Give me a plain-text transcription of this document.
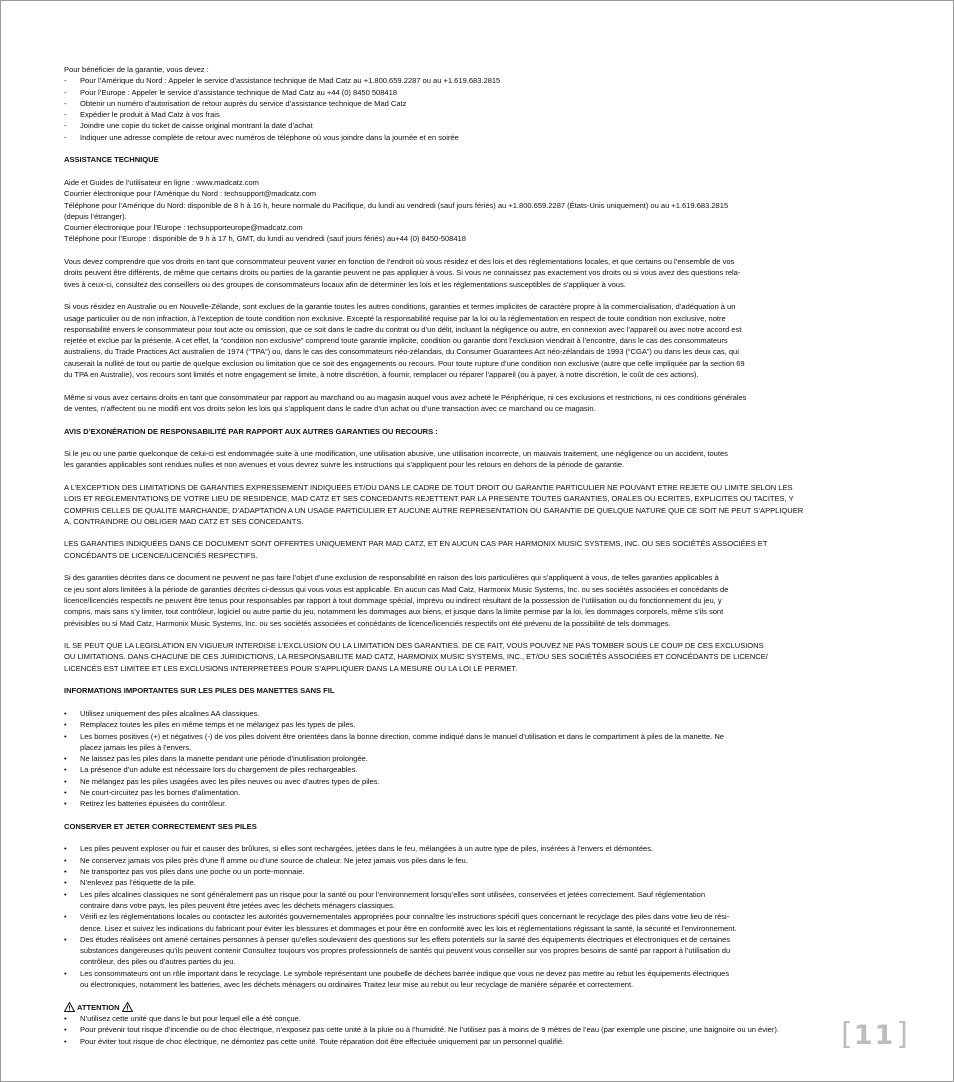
Pour bénéficier de la garantie, vous devez :

- Pour l’Amérique du Nord : Appeler le service d’assistance technique de Mad Catz au +1.800.659.2287 ou au +1.619.683.2815
- Pour l’Europe : Appeler le service d’assistance technique de Mad Catz au +44 (0) 8450 508418
- Obtenir un numéro d’autorisation de retour auprès du service d’assistance technique de Mad Catz
- Expédier le produit à Mad Catz à vos frais
- Joindre une copie du ticket de caisse original montrant la date d’achat
- Indiquer une adresse complète de retour avec numéros de téléphone où vous joindre dans la journée et en soirée

ASSISTANCE TECHNIQUE

Aide et Guides de l’utilisateur en ligne : www.madcatz.com
Courrier électronique pour l’Amérique du Nord : techsupport@madcatz.com
Téléphone pour l’Amérique du Nord: disponible de 8 h à 16 h, heure normale du Pacifique, du lundi au vendredi (sauf jours fériés) au +1.800.659.2287 (États-Unis uniquement) ou au +1.619.683.2815
(depuis l’étranger).
Courrier électronique pour l’Europe : techsupporteurope@madcatz.com
Téléphone pour l’Europe : disponible de 9 h à 17 h, GMT, du lundi au vendredi (sauf jours fériés) au+44 (0) 8450-508418

Vous devez comprendre que vos droits en tant que consommateur peuvent varier en fonction de l’endroit où vous résidez et des lois et des réglementations locales, et que certains ou l’ensemble de vos
droits peuvent être différents, de même que certains droits ou parties de la garantie peuvent ne pas appliquer à vous. Si vous ne connaissez pas exactement vos droits ou si vous avez des questions rela-
tives à ceux-ci, consultez des conseillers ou des groupes de consommateurs locaux afin de déterminer les lois et les réglementations susceptibles de s’appliquer à vous.

Si vous résidez en Australie ou en Nouvelle-Zélande, sont exclues de la garantie toutes les autres conditions, garanties et termes implicites de caractère propre à la commercialisation, d’adéquation à un
usage particulier ou de non infraction, à l’exception de toute condition non exclusive. Excepté la responsabilité requise par la loi ou la réglementation en respect de toute condition non exclusive, notre
responsabilité envers le consommateur pour tout acte ou omission, que ce soit dans le cadre du contrat ou d’un délit, incluant la négligence ou autre, en connexion avec l’appareil ou avec notre accord est
rejetée et exclue par la présente. A cet effet, la “condition non exclusive” comprend toute garantie implicite, condition ou garantie dont l’exclusion viendrait à l’encontre, dans le cas des consommateurs
australiens, du Trade Practices Act australien de 1974 (“TPA”) ou, dans le cas des consommateurs néo-zélandais, du Consumer Guarantees Act néo-zélandais de 1993 (“CGA”) ou dans les deux cas, qui
causerait la nullité de tout ou partie de quelque exclusion ou limitation que ce soit des engagements ou recours. Pour toute rupture d’une condition non exclusive (autre que celle impliquée par la section 69
du TPA en Australie), vos recours sont limités et notre engagement se limite, à notre discrétion, à fournir, remplacer ou réparer l’appareil (ou à payer, à notre discrétion, le coût de ces actions).

Même si vous avez certains droits en tant que consommateur par rapport au marchand ou au magasin auquel vous avez acheté le Périphérique, ni ces exclusions et restrictions, ni ces conditions générales
de ventes, n’affectent ou ne modifi ent vos droits selon les lois qui s’appliquent dans le cadre d’un achat ou d’une transaction avec ce marchand ou ce magasin.

AVIS D’EXONÉRATION DE RESPONSABILITÉ PAR RAPPORT AUX AUTRES GARANTIES OU RECOURS :

Si le jeu ou une partie quelconque de celui-ci est endommagée suite à une modification, une utilisation abusive, une utilisation incorrecte, un mauvais traitement, une négligence ou un accident, toutes
les garanties applicables sont rendues nulles et non avenues et vous devrez suivre les instructions qui s’appliquent pour les retours en dehors de la période de garantie.

A L’EXCEPTION DES LIMITATIONS DE GARANTIES EXPRESSEMENT INDIQUEES ET/OU DANS LE CADRE DE TOUT DROIT OU GARANTIE PARTICULIER NE POUVANT ETRE REJETE OU LIMITE SELON LES
LOIS ET REGLEMENTATIONS DE VOTRE LIEU DE RESIDENCE, MAD CATZ ET SES CONCEDANTS REJETTENT PAR LA PRESENTE TOUTES GARANTIES, ORALES OU ECRITES, EXPLICITES OU TACITES, Y
COMPRIS CELLES DE QUALITE MARCHANDE, D’ADAPTATION A UN USAGE PARTICULIER ET AUCUNE AUTRE REPRESENTATION OU GARANTIE DE QUELQUE NATURE QUE CE SOIT NE PEUT S’APPLIQUER
A, CONTRAINDRE OU OBLIGER MAD CATZ ET SES CONCEDANTS.

LES GARANTIES INDIQUÉES DANS CE DOCUMENT SONT OFFERTES UNIQUEMENT PAR MAD CATZ, ET EN AUCUN CAS PAR HARMONIX MUSIC SYSTEMS, INC. OU SES SOCIÉTÉS ASSOCIÉES ET
CONCÉDANTS DE LICENCE/LICENCIÉS RESPECTIFS.

Si des garanties décrites dans ce document ne peuvent ne pas faire l’objet d’une exclusion de responsabilité en raison des lois particulières qui s’appliquent à vous, de telles garanties applicables à
ce jeu sont alors limitées à la période de garanties décrites ci-dessus qui vous vous est applicable. En aucun cas Mad Catz, Harmonix Music Systems, Inc. ou ses sociétés associées et concédants de
licence/licenciés respectifs ne peuvent être tenus pour responsables par rapport à tout dommage spécial, imprévu ou indirect résultant de la possession de l’utilisation ou du fonctionnement du jeu, y
compris, mais sans s’y limiter, tout contrôleur, logiciel ou autre partie du jeu, notamment les dommages aux biens, et jusque dans la limite permise par la loi, les dommages corporels, même s’ils sont
prévisibles ou si Mad Catz, Harmonix Music Systems, Inc. ou ses sociétés associées et concédants de licence/licenciés respectifs ont été prévenu de la possibilité de tels dommages.

IL SE PEUT QUE LA LEGISLATION EN VIGUEUR INTERDISE L’EXCLUSION OU LA LIMITATION DES GARANTIES. DE CE FAIT, VOUS POUVEZ NE PAS TOMBER SOUS LE COUP DE CES EXCLUSIONS
OU LIMITATIONS. DANS CHACUNE DE CES JURIDICTIONS, LA RESPONSABILITE MAD CATZ, HARMONIX MUSIC SYSTEMS, INC., ET/OU SES SOCIÉTÉS ASSOCIÉES ET CONCÉDANTS DE LICENCE/
LICENCÉS EST LIMITEE ET LES EXCLUSIONS INTERPRETEES POUR S’APPLIQUER DANS LA MESURE OU LA LOI LE PERMET.

INFORMATIONS IMPORTANTES SUR LES PILES DES MANETTES SANS FIL

• Utilisez uniquement des piles alcalines AA classiques.
• Remplacez toutes les piles en même temps et ne mélangez pas les types de piles.
• Les bornes positives (+) et négatives (-) de vos piles doivent être orientées dans la bonne direction, comme indiqué dans le manuel d’utilisation et dans le compartiment à piles de la manette. Ne
placez jamais les piles à l’envers.
• Ne laissez pas les piles dans la manette pendant une période d’inutilisation prolongée.
• La présence d’un adulte est nécessaire lors du chargement de piles rechargeables.
• Ne mélangez pas les piles usagées avec les piles neuves ou avec d’autres types de piles.
• Ne court-circuitez pas les bornes d’alimentation.
• Retirez les batteries épuisées du contrôleur.

CONSERVER ET JETER CORRECTEMENT SES PILES

• Les piles peuvent exploser ou fuir et causer des brûlures, si elles sont rechargées, jetées dans le feu, mélangées à un autre type de piles, insérées à l’envers et démontées.
• Ne conservez jamais vos piles près d’une fl amme ou d’une source de chaleur. Ne jetez jamais vos piles dans le feu.
• Ne transportez pas vos piles dans une poche ou un porte-monnaie.
• N’enlevez pas l’étiquette de la pile.
• Les piles alcalines classiques ne sont généralement pas un risque pour la santé ou pour l’environnement lorsqu’elles sont utilisées, conservées et jetées correctement. Sauf réglementation
contraire dans votre pays, les piles peuvent être jetées avec les déchets ménagers classiques.
• Vérifi ez les réglementations locales ou contactez les autorités gouvernementales appropriées pour connaître les instructions spécifi ques concernant le recyclage des piles dans votre lieu de rési-
dence. Lisez et suivez les indications du fabricant pour éviter les blessures et dommages et pour être en conformité avec les lois et réglementations régissant la santé, la sécurité et l’environnement.
• Des études réalisées ont amené certaines personnes à penser qu’elles soulevaient des questions sur les effets potentiels sur la santé des équipements électriques et électroniques et de certaines
substances dangereuses qu’ils peuvent contenir Consultez toujours vos propres professionnels de santés qui peuvent vous conseiller sur vos propres besoins de santé par rapport à l’utilisation du
contrôleur, des piles ou d’autres parties du jeu.
• Les consommateurs ont un rôle important dans le recyclage. Le symbole représentant une poubelle de déchets barrée indique que vous ne devez pas mettre au rebut les équipements électriques
ou électroniques, notamment les batteries, avec les déchets ménagers ou ordinaires Traitez leur mise au rebut ou leur recyclage de manière séparée et correctement.
ATTENTION
• N’utilisez cette unité que dans le but pour lequel elle a été conçue.
• Pour prévenir tout risque d’incendie ou de choc électrique, n’exposez pas cette unité à la pluie ou à l’humidité. Ne l’utilisez pas à moins de 9 mètres de l’eau (par exemple une piscine, une baignoire ou un évier).
• Pour éviter tout risque de choc électrique, ne démontez pas cette unité. Toute réparation doit être effectuée uniquement par un personnel qualifié.	[ 11 ]
